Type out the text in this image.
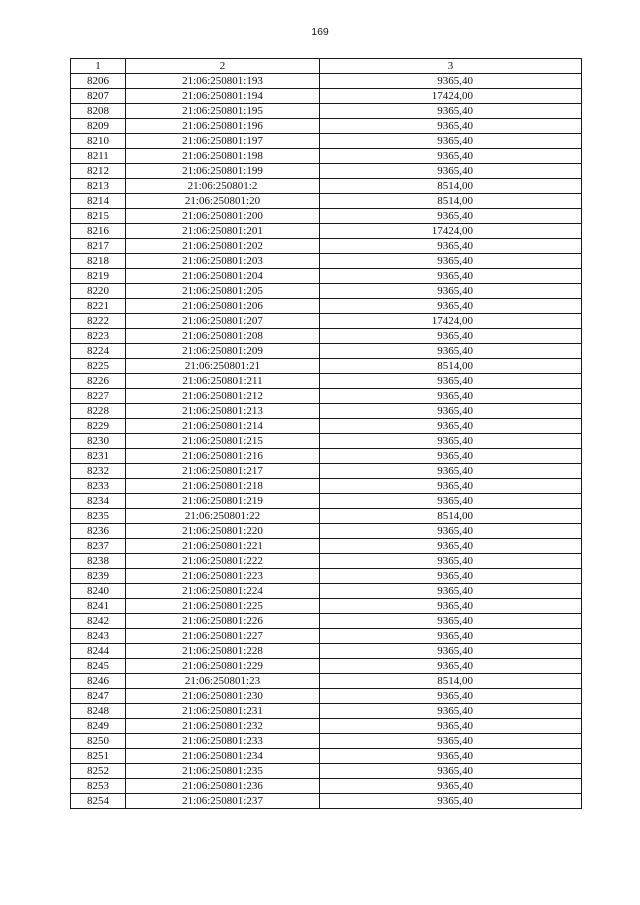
169
1	2	3
8206	21:06:250801:193	9365,40
8207	21:06:250801:194	17424,00
8208	21:06:250801:195	9365,40
8209	21:06:250801:196	9365,40
8210	21:06:250801:197	9365,40
8211	21:06:250801:198	9365,40
8212	21:06:250801:199	9365,40
8213	21:06:250801:2	8514,00
8214	21:06:250801:20	8514,00
8215	21:06:250801:200	9365,40
8216	21:06:250801:201	17424,00
8217	21:06:250801:202	9365,40
8218	21:06:250801:203	9365,40
8219	21:06:250801:204	9365,40
8220	21:06:250801:205	9365,40
8221	21:06:250801:206	9365,40
8222	21:06:250801:207	17424,00
8223	21:06:250801:208	9365,40
8224	21:06:250801:209	9365,40
8225	21:06:250801:21	8514,00
8226	21:06:250801:211	9365,40
8227	21:06:250801:212	9365,40
8228	21:06:250801:213	9365,40
8229	21:06:250801:214	9365,40
8230	21:06:250801:215	9365,40
8231	21:06:250801:216	9365,40
8232	21:06:250801:217	9365,40
8233	21:06:250801:218	9365,40
8234	21:06:250801:219	9365,40
8235	21:06:250801:22	8514,00
8236	21:06:250801:220	9365,40
8237	21:06:250801:221	9365,40
8238	21:06:250801:222	9365,40
8239	21:06:250801:223	9365,40
8240	21:06:250801:224	9365,40
8241	21:06:250801:225	9365,40
8242	21:06:250801:226	9365,40
8243	21:06:250801:227	9365,40
8244	21:06:250801:228	9365,40
8245	21:06:250801:229	9365,40
8246	21:06:250801:23	8514,00
8247	21:06:250801:230	9365,40
8248	21:06:250801:231	9365,40
8249	21:06:250801:232	9365,40
8250	21:06:250801:233	9365,40
8251	21:06:250801:234	9365,40
8252	21:06:250801:235	9365,40
8253	21:06:250801:236	9365,40
8254	21:06:250801:237	9365,40
